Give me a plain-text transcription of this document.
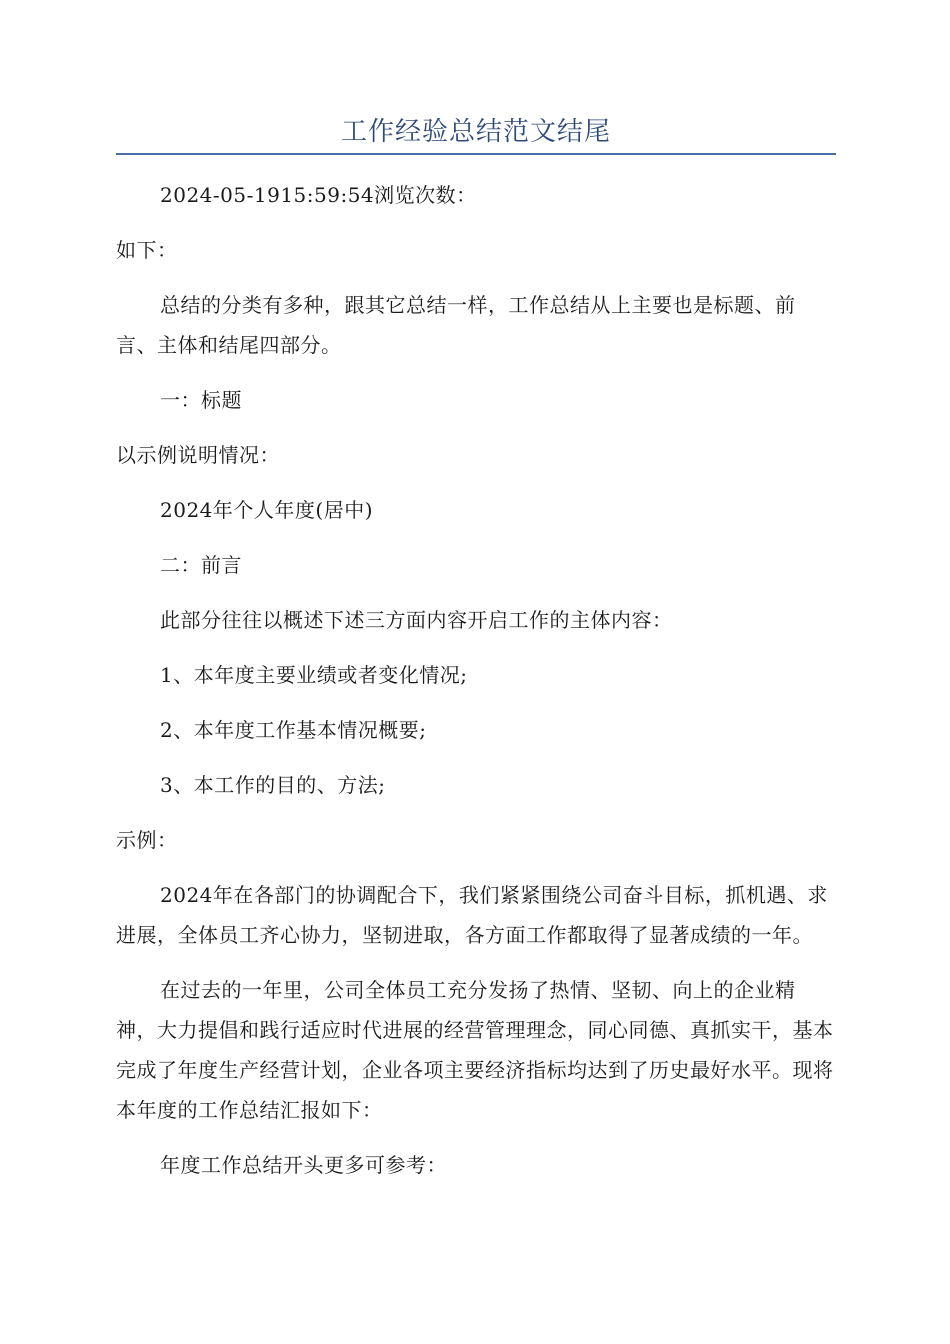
工作经验总结范文结尾

2024-05-1915:59:54浏览次数：

如下：

总结的分类有多种，跟其它总结一样，工作总结从上主要也是标题、前言、主体和结尾四部分。

一：标题

以示例说明情况：

2024年个人年度(居中)

二：前言

此部分往往以概述下述三方面内容开启工作的主体内容：

1、本年度主要业绩或者变化情况;

2、本年度工作基本情况概要;

3、本工作的目的、方法;

示例：

2024年在各部门的协调配合下，我们紧紧围绕公司奋斗目标，抓机遇、求进展，全体员工齐心协力，坚韧进取，各方面工作都取得了显著成绩的一年。

在过去的一年里，公司全体员工充分发扬了热情、坚韧、向上的企业精神，大力提倡和践行适应时代进展的经营管理理念，同心同德、真抓实干，基本完成了年度生产经营计划，企业各项主要经济指标均达到了历史最好水平。现将本年度的工作总结汇报如下：

年度工作总结开头更多可参考：
